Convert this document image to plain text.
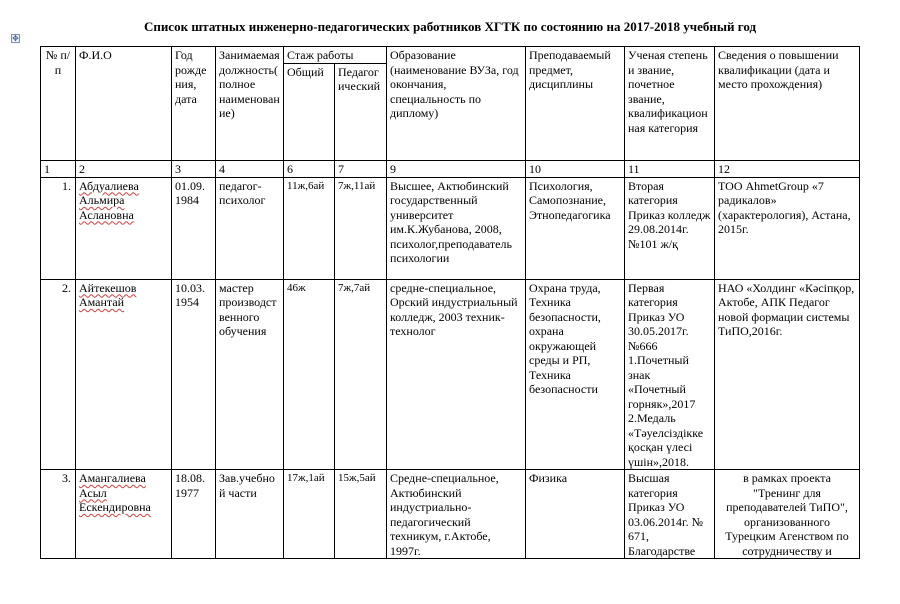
Список штатных инженерно-педагогических работников ХГТК по состоянию на 2017-2018 учебный год
✥
№ п/п	Ф.И.О	Год рождения, дата	Занимаемая должность(полное наименование)	Стаж работы		Образование (наименование ВУЗа, год окончания, специальность по диплому)	Преподаваемый предмет, дисциплины	Ученая степень и звание, почетное звание, квалификационная категория	Сведения о повышении квалификации (дата и место прохождения)
				Общий	Педагогический				
1	2	3	4	6	7	9	10	11	12
1.	Абдуалиева Альмира Аслановна	01.09. 1984	педагог-психолог	11ж,6ай	7ж,11ай	Высшее, Актюбинский государственный университет им.К.Жубанова, 2008, психолог,преподаватель психологии	Психология, Самопознание, Этнопедагогика	Вторая категория Приказ колледж 29.08.2014г. №101 ж/қ	ТОО AhmetGroup «7 радикалов» (характерология), Астана, 2015г.
2.	Айтекешов Амантай	10.03. 1954	мастер производственного обучения	46ж	7ж,7ай	средне-специальное, Орский индустриальный колледж, 2003 техник-технолог	Охрана труда, Техника безопасности, охрана окружающей среды и РП, Техника безопасности	Первая категория Приказ УО 30.05.2017г. №666 1.Почетный знак «Почетный горняк»,2017 2.Медаль «Тәуелсіздікке қосқан үлесі үшін»,2018.	НАО «Холдинг «Кәсіпқор, Актобе, АПК Педагог новой формации системы ТиПО,2016г.
3.	Амангалиева Асыл Ескендировна	18.08. 1977	Зав.учебной части	17ж,1ай	15ж,5ай	Средне-специальное, Актюбинский индустриально-педагогический техникум, г.Актобе, 1997г.	Физика	Высшая категория Приказ УО 03.06.2014г. № 671, Благодарстве	в рамках проекта "Тренинг для преподавателей ТиПО", организованного Турецким Агенством по сотрудничеству и
